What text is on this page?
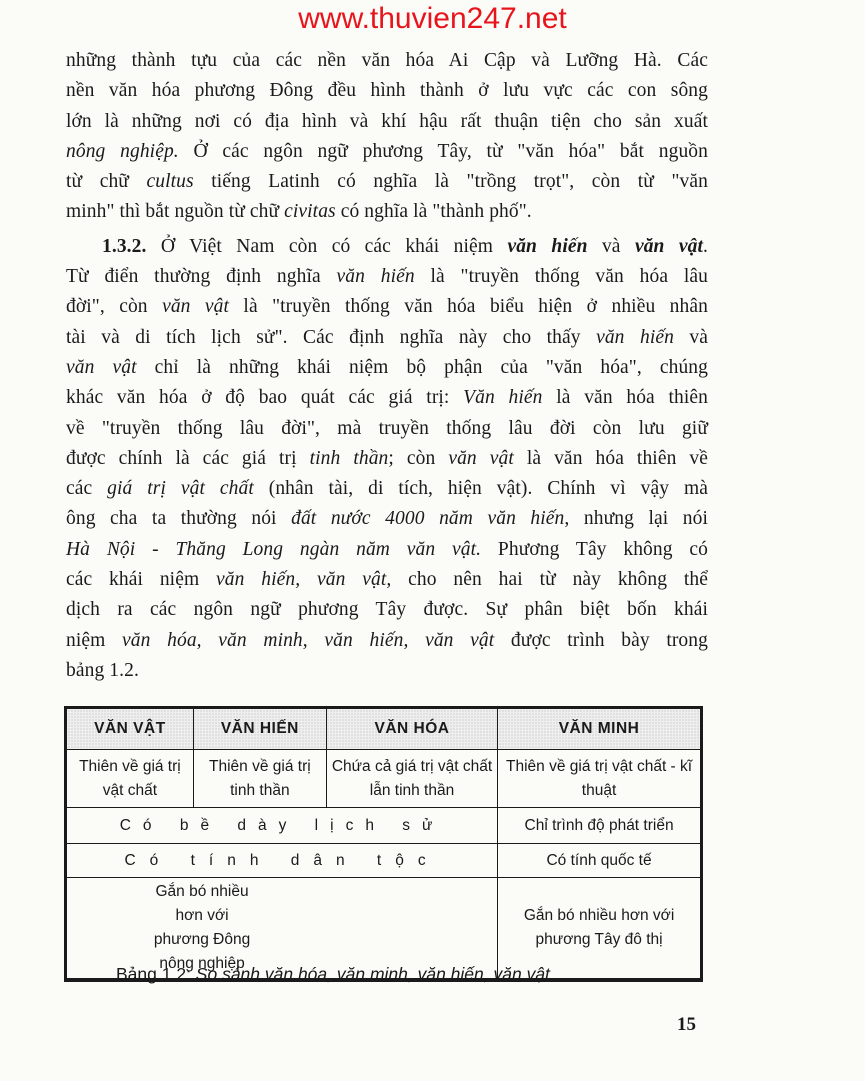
www.thuvien247.net
những thành tựu của các nền văn hóa Ai Cập và Lưỡng Hà. Các
nền văn hóa phương Đông đều hình thành ở lưu vực các con sông
lớn là những nơi có địa hình và khí hậu rất thuận tiện cho sản xuất
nông nghiệp. Ở các ngôn ngữ phương Tây, từ "văn hóa" bắt nguồn
từ chữ cultus tiếng Latinh có nghĩa là "trồng trọt", còn từ "văn
minh" thì bắt nguồn từ chữ civitas có nghĩa là "thành phố".
1.3.2. Ở Việt Nam còn có các khái niệm văn hiến và văn vật.
Từ điển thường định nghĩa văn hiến là "truyền thống văn hóa lâu
đời", còn văn vật là "truyền thống văn hóa biểu hiện ở nhiều nhân
tài và di tích lịch sử". Các định nghĩa này cho thấy văn hiến và
văn vật chỉ là những khái niệm bộ phận của "văn hóa", chúng
khác văn hóa ở độ bao quát các giá trị: Văn hiến là văn hóa thiên
về "truyền thống lâu đời", mà truyền thống lâu đời còn lưu giữ
được chính là các giá trị tinh thần; còn văn vật là văn hóa thiên về
các giá trị vật chất (nhân tài, di tích, hiện vật). Chính vì vậy mà
ông cha ta thường nói đất nước 4000 năm văn hiến, nhưng lại nói
Hà Nội - Thăng Long ngàn năm văn vật. Phương Tây không có
các khái niệm văn hiến, văn vật, cho nên hai từ này không thể
dịch ra các ngôn ngữ phương Tây được. Sự phân biệt bốn khái
niệm văn hóa, văn minh, văn hiến, văn vật được trình bày trong
bảng 1.2.
VĂN VẬT	VĂN HIẾN	VĂN HÓA	VĂN MINH
Thiên về giá trị vật chất	Thiên về giá trị tinh thần	Chứa cả giá trị vật chất lẫn tinh thần	Thiên về giá trị vật chất - kĩ thuật
Có bề dày lịch sử			Chỉ trình độ phát triển
Có tính dân tộc			Có tính quốc tế
Gắn bó nhiều hơn với phương Đông nông nghiệp			Gắn bó nhiều hơn với phương Tây đô thị
Bảng 1.2: So sánh văn hóa, văn minh, văn hiến, văn vật
15
